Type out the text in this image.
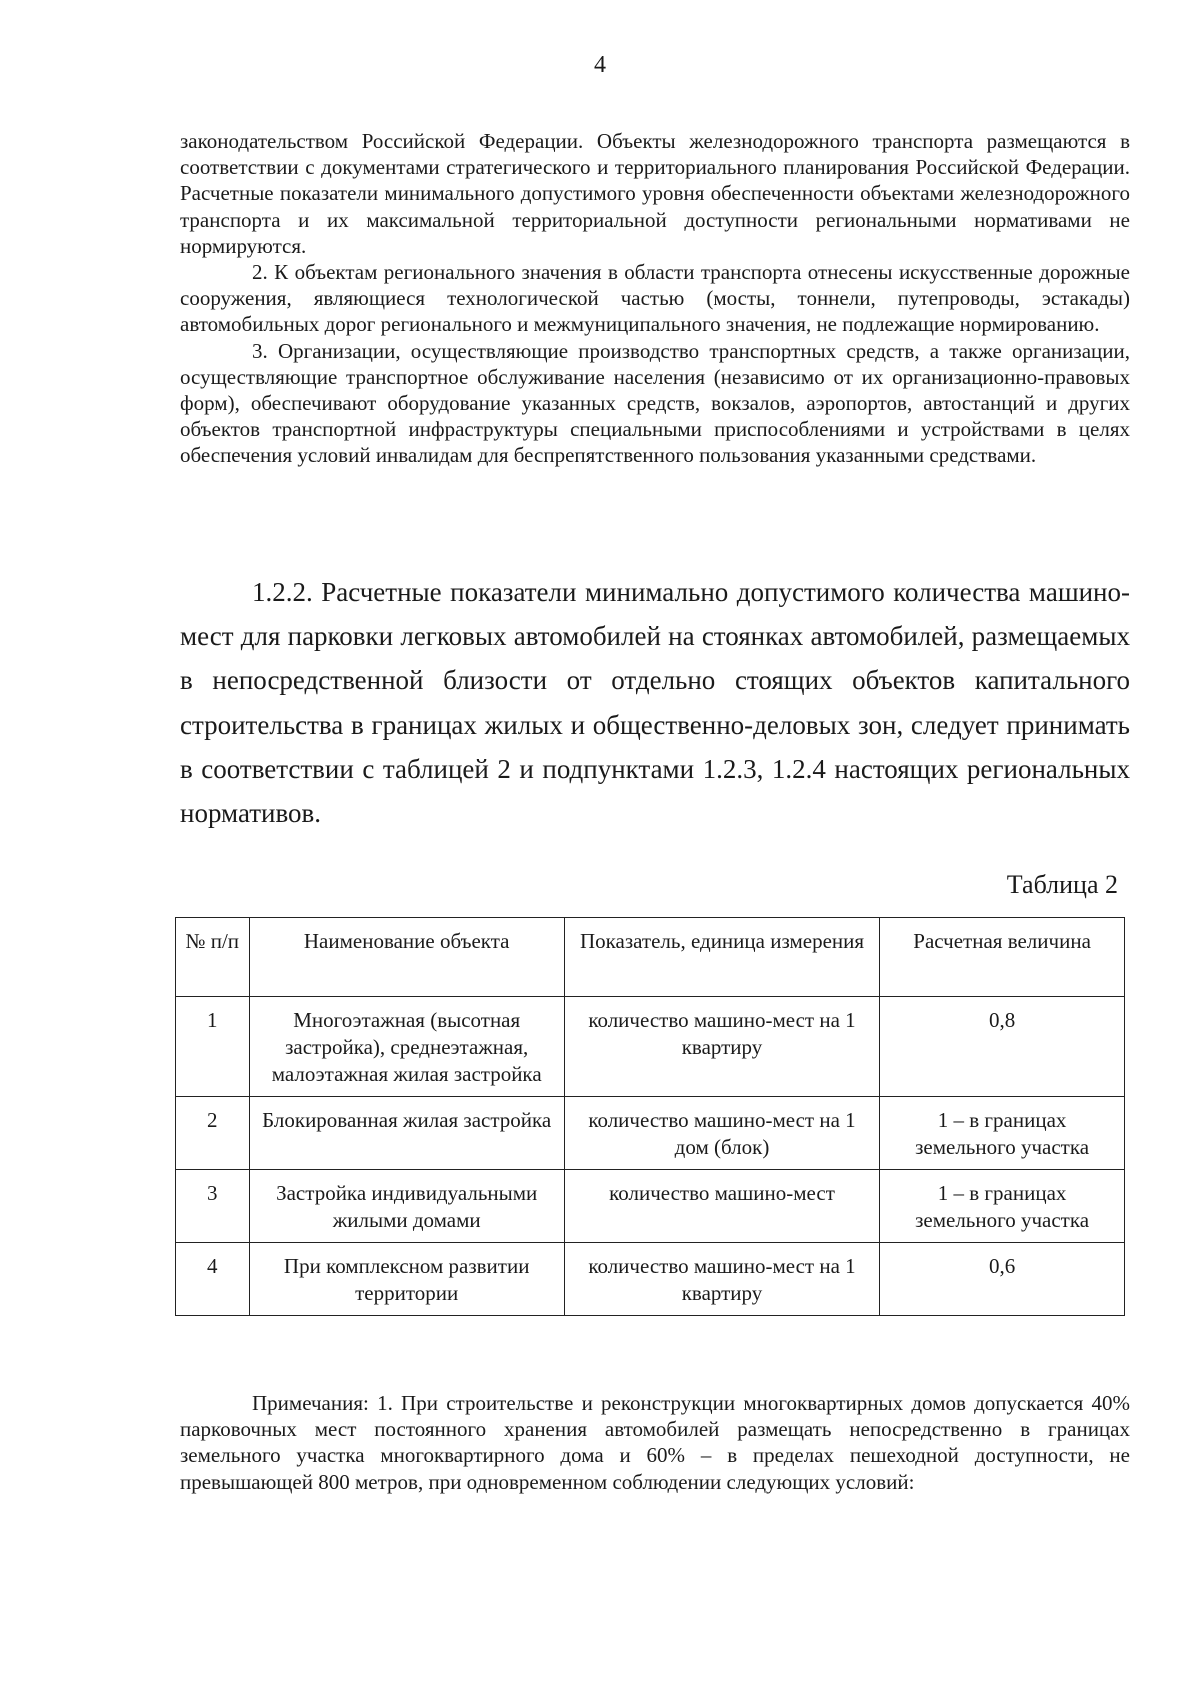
4

законодательством Российской Федерации. Объекты железнодорожного транспорта размещаются в соответствии с документами стратегического и территориального планирования Российской Федерации. Расчетные показатели минимального допустимого уровня обеспеченности объектами железнодорожного транспорта и их максимальной территориальной доступности региональными нормативами не нормируются.

2. К объектам регионального значения в области транспорта отнесены искусственные дорожные сооружения, являющиеся технологической частью (мосты, тоннели, путепроводы, эстакады) автомобильных дорог регионального и межмуниципального значения, не подлежащие нормированию.

3. Организации, осуществляющие производство транспортных средств, а также организации, осуществляющие транспортное обслуживание населения (независимо от их организационно-правовых форм), обеспечивают оборудование указанных средств, вокзалов, аэропортов, автостанций и других объектов транспортной инфраструктуры специальными приспособлениями и устройствами в целях обеспечения условий инвалидам для беспрепятственного пользования указанными средствами.

1.2.2. Расчетные показатели минимально допустимого количества машино-мест для парковки легковых автомобилей на стоянках автомобилей, размещаемых в непосредственной близости от отдельно стоящих объектов капитального строительства в границах жилых и общественно-деловых зон, следует принимать в соответствии с таблицей 2 и подпунктами 1.2.3, 1.2.4 настоящих региональных нормативов.

Таблица 2
№ п/п	Наименование объекта	Показатель, единица измерения	Расчетная величина
1	Многоэтажная (высотная застройка), среднеэтажная, малоэтажная жилая застройка	количество машино-мест на 1 квартиру	0,8
2	Блокированная жилая застройка	количество машино-мест на 1 дом (блок)	1 – в границах земельного участка
3	Застройка индивидуальными жилыми домами	количество машино-мест	1 – в границах земельного участка
4	При комплексном развитии территории	количество машино-мест на 1 квартиру	0,6

Примечания: 1. При строительстве и реконструкции многоквартирных домов допускается 40% парковочных мест постоянного хранения автомобилей размещать непосредственно в границах земельного участка многоквартирного дома и 60% – в пределах пешеходной доступности, не превышающей 800 метров, при одновременном соблюдении следующих условий:
